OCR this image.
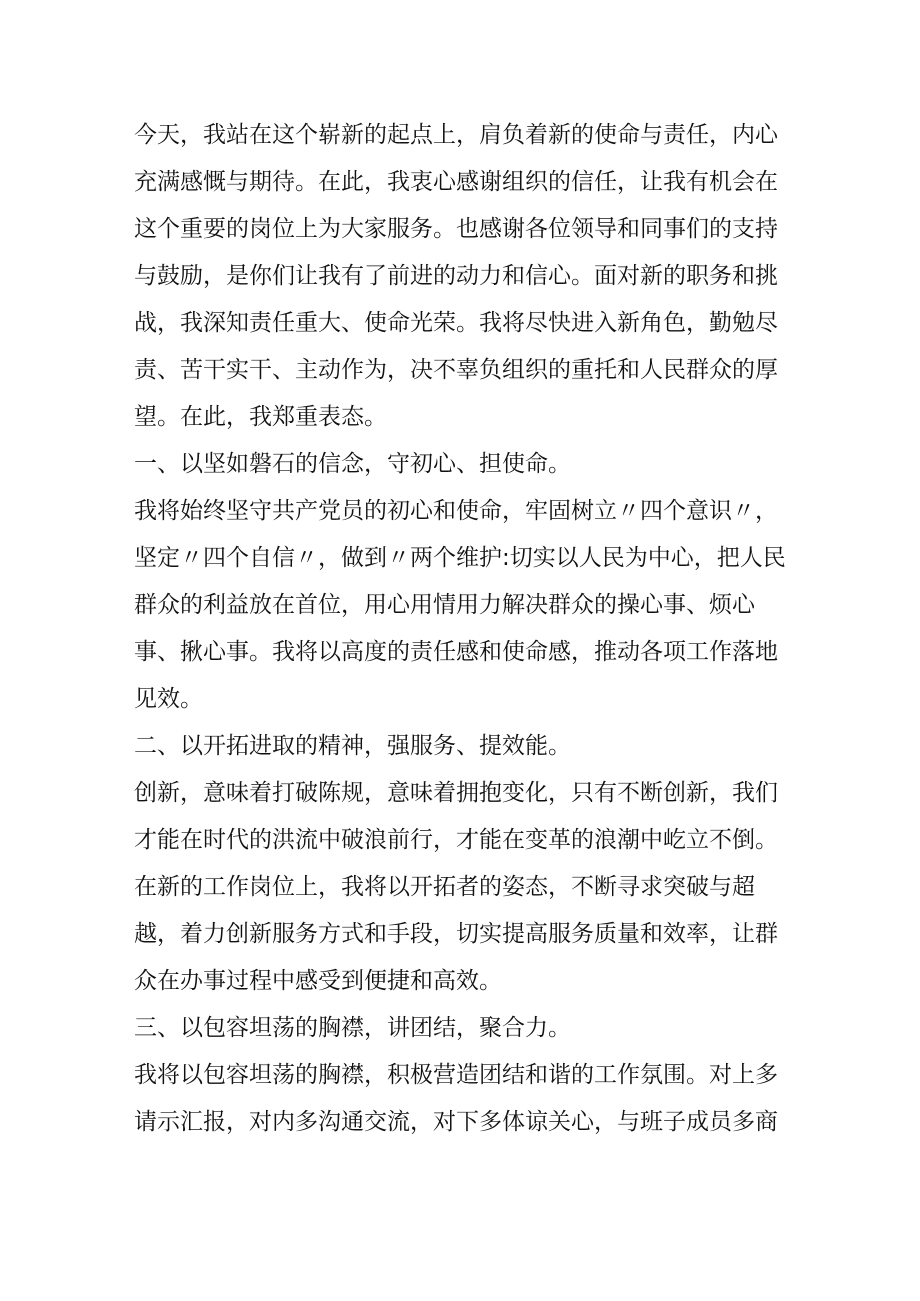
今天，我站在这个崭新的起点上，肩负着新的使命与责任，内心
充满感慨与期待。在此，我衷心感谢组织的信任，让我有机会在
这个重要的岗位上为大家服务。也感谢各位领导和同事们的支持
与鼓励，是你们让我有了前进的动力和信心。面对新的职务和挑
战，我深知责任重大、使命光荣。我将尽快进入新角色，勤勉尽
责、苦干实干、主动作为，决不辜负组织的重托和人民群众的厚
望。在此，我郑重表态。
一、以坚如磐石的信念，守初心、担使命。
我将始终坚守共产党员的初心和使命，牢固树立〃四个意识〃，
坚定〃四个自信〃，做到〃两个维护:切实以人民为中心，把人民
群众的利益放在首位，用心用情用力解决群众的操心事、烦心
事、揪心事。我将以高度的责任感和使命感，推动各项工作落地
见效。
二、以开拓进取的精神，强服务、提效能。
创新，意味着打破陈规，意味着拥抱变化，只有不断创新，我们
才能在时代的洪流中破浪前行，才能在变革的浪潮中屹立不倒。
在新的工作岗位上，我将以开拓者的姿态，不断寻求突破与超
越，着力创新服务方式和手段，切实提高服务质量和效率，让群
众在办事过程中感受到便捷和高效。
三、以包容坦荡的胸襟，讲团结，聚合力。
我将以包容坦荡的胸襟，积极营造团结和谐的工作氛围。对上多
请示汇报，对内多沟通交流，对下多体谅关心，与班子成员多商
